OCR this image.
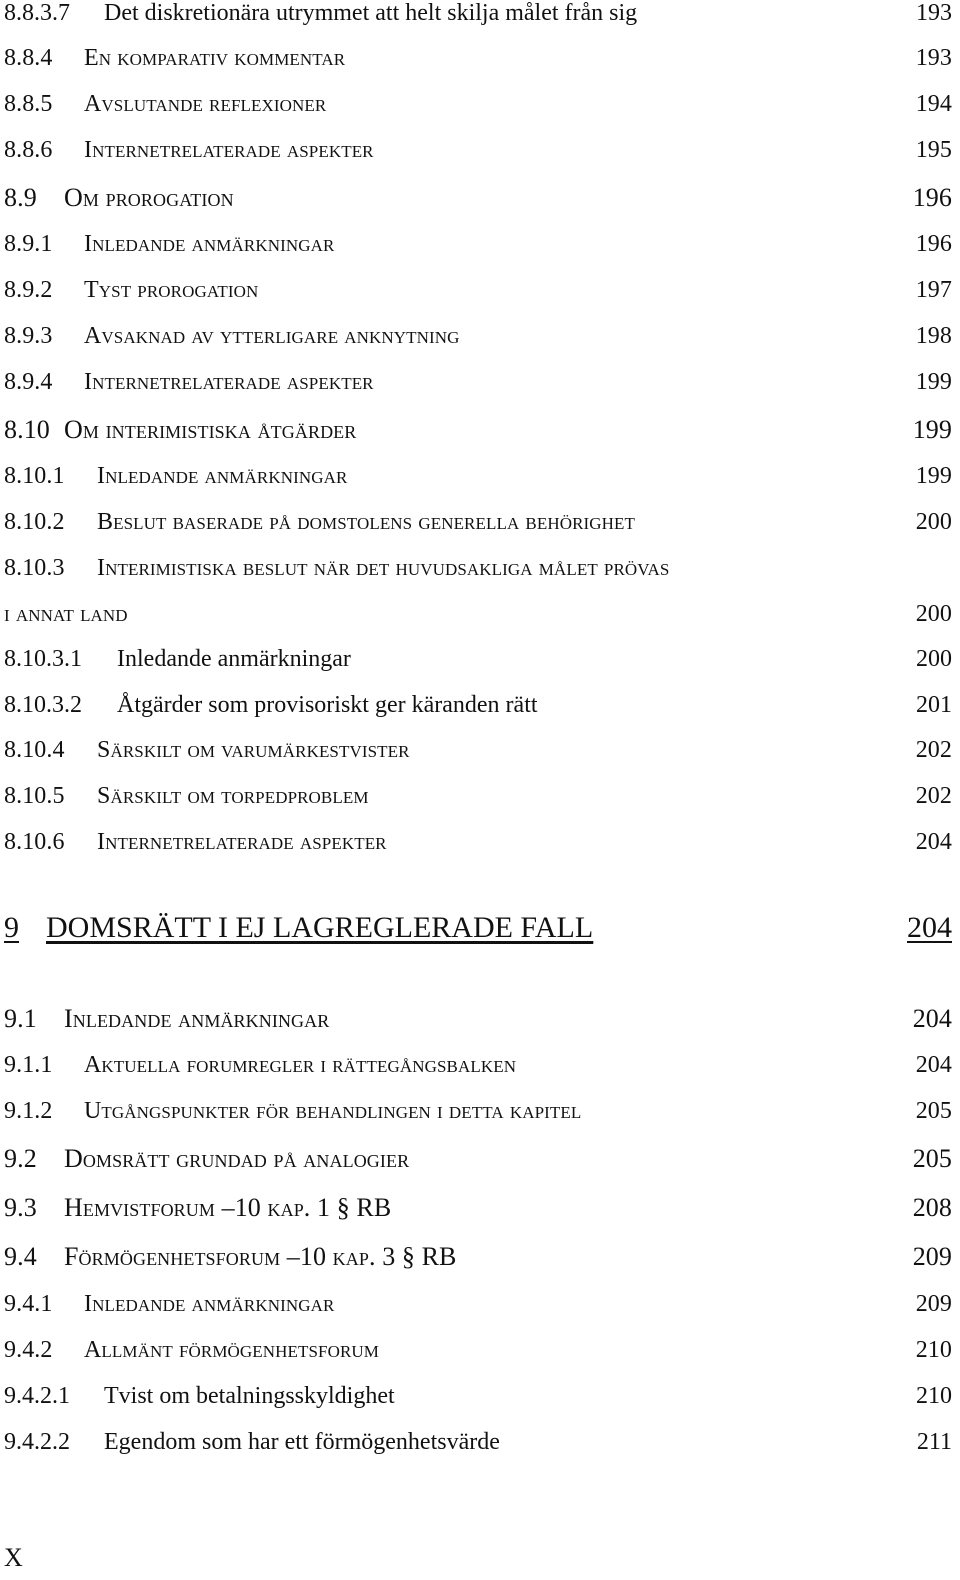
8.8.3.7	Det diskretionära utrymmet att helt skilja målet från sig	193
8.8.4	En komparativ kommentar	193
8.8.5	Avslutande reflexioner	194
8.8.6	Internetrelaterade aspekter	195
8.9	Om prorogation	196
8.9.1	Inledande anmärkningar	196
8.9.2	Tyst prorogation	197
8.9.3	Avsaknad av ytterligare anknytning	198
8.9.4	Internetrelaterade aspekter	199
8.10 Om interimistiska åtgärder	199
8.10.1	Inledande anmärkningar	199
8.10.2	Beslut baserade på domstolens generella behörighet	200
8.10.3	Interimistiska beslut när det huvudsakliga målet prövas
i annat land	200
8.10.3.1	Inledande anmärkningar	200
8.10.3.2	Åtgärder som provisoriskt ger käranden rätt	201
8.10.4	Särskilt om varumärkestvister	202
8.10.5	Särskilt om torpedproblem	202
8.10.6	Internetrelaterade aspekter	204
9 DOMSRÄTT I EJ LAGREGLERADE FALL	204
9.1	Inledande anmärkningar	204
9.1.1	Aktuella forumregler i rättegångsbalken	204
9.1.2	Utgångspunkter för behandlingen i detta kapitel	205
9.2	Domsrätt grundad på analogier	205
9.3	Hemvistforum –10 kap. 1 § RB	208
9.4	Förmögenhetsforum –10 kap. 3 § RB	209
9.4.1	Inledande anmärkningar	209
9.4.2	Allmänt förmögenhetsforum	210
9.4.2.1	Tvist om betalningsskyldighet	210
9.4.2.2	Egendom som har ett förmögenhetsvärde	211
X
